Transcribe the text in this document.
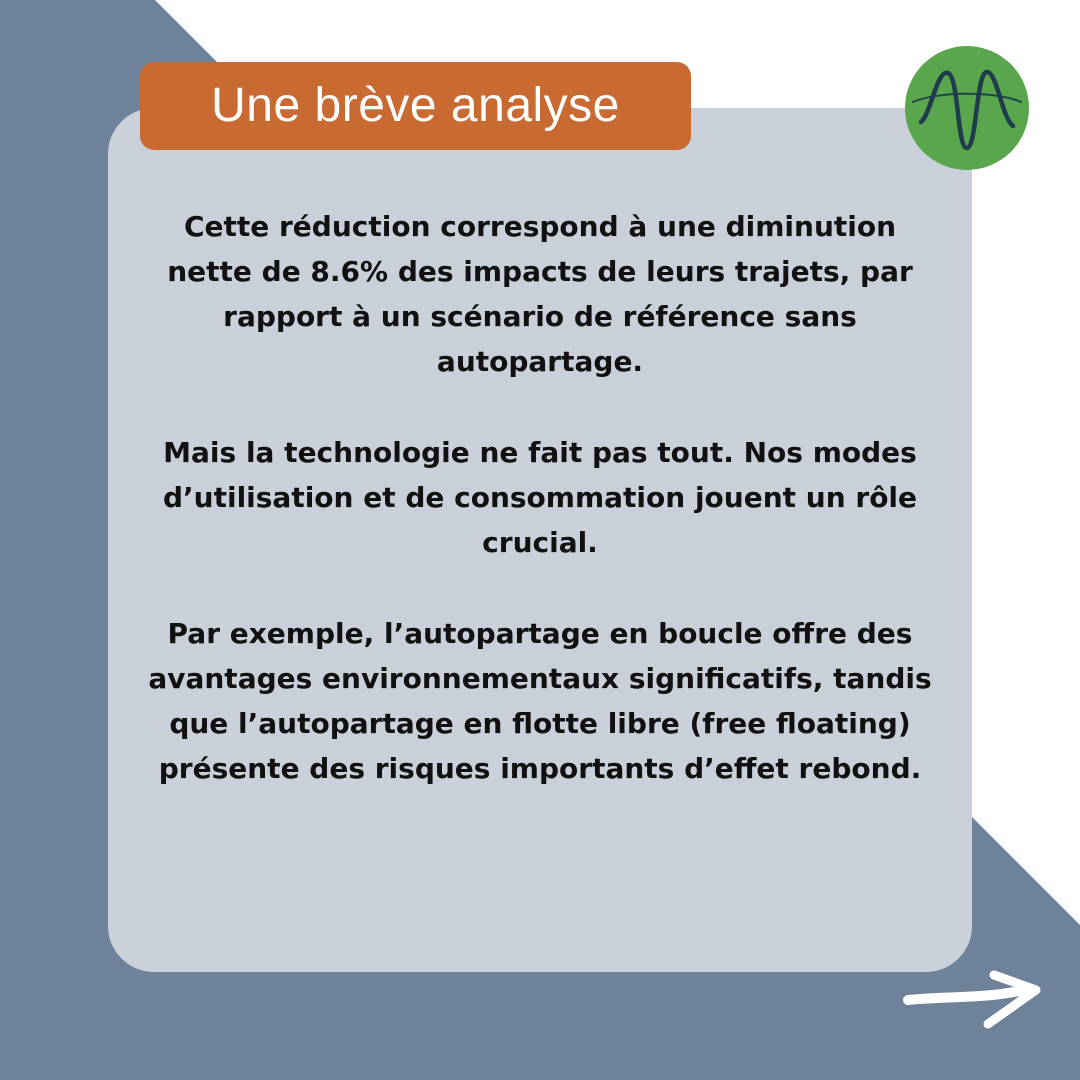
Cette réduction correspond à une diminution nette de 8.6% des impacts de leurs trajets, par rapport à un scénario de référence sans autopartage.

Mais la technologie ne fait pas tout. Nos modes d’utilisation et de consommation jouent un rôle crucial.

Par exemple, l’autopartage en boucle offre des avantages environnementaux significatifs, tandis que l’autopartage en flotte libre (free floating) présente des risques importants d’effet rebond.

Une brève analyse
